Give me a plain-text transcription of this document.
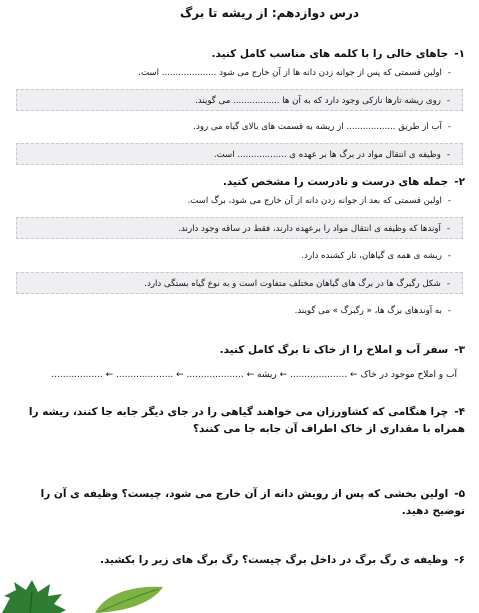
درس دوازدهم: از ریشه تا برگ
۱-جاهای خالی را با کلمه های مناسب کامل کنید.
-اولین قسمتی که پس از جوانه زدن دانه ها از آن خارج می شود .................... است.
-روی ریشه تارها نازکی وجود دارد که به آن ها ................. می گویند.
-آب از طریق .................. از ریشه به قسمت های بالای گیاه می رود.
-وظیفه ی انتقال مواد در برگ ها بر عهده ی .................. است.
۲-جمله های درست و نادرست را مشخص کنید.
-اولین قسمتی که بعد از جوانه زدن دانه از آن خارج می شود، برگ است.
-آوندها که وظیفه ی انتقال مواد را برعهده دارند، فقط در ساقه وجود دارند.
-ریشه ی همه ی گیاهان، تار کشنده دارد.
-شکل رگبرگ ها در برگ های گیاهان مختلف متفاوت است و به نوع گیاه بستگی دارد.
-به آوندهای برگ ها، « رگبرگ » می گویند.
۳-سفر آب و املاح را از خاک تا برگ کامل کنید.
آب و املاح موجود در خاک ← .................... ← ریشه ← .................... ← .................... ← ..................
۴-چرا هنگامی که کشاورزان می خواهند گیاهی را در جای دیگر جابه جا کنند، ریشه را همراه با مقداری از خاک اطراف آن جابه جا می کنند؟
۵-اولین بخشی که پس از رویش دانه از آن خارج می شود، چیست؟ وظیفه ی آن را توضیح دهید.
۶-وظیفه ی رگ برگ در داخل برگ چیست؟ رگ برگ های زیر را بکشید.
